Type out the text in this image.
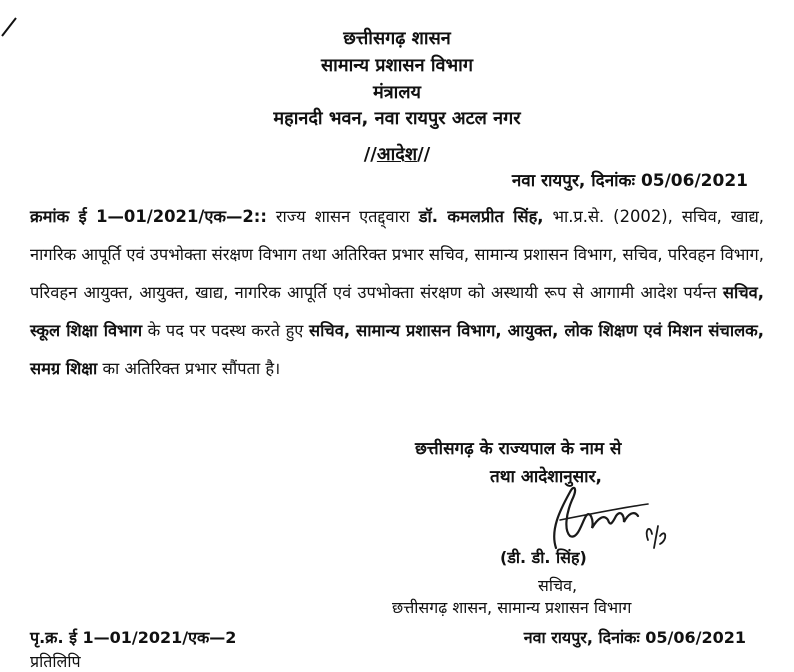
छत्तीसगढ़ शासन
सामान्य प्रशासन विभाग
मंत्रालय
महानदी भवन, नवा रायपुर अटल नगर
//आदेश//
नवा रायपुर, दिनांकः 05/06/2021
क्रमांक ई 1—01/2021/एक—2:: राज्य शासन एतद्द्वारा डॉ. कमलप्रीत सिंह, भा.प्र.से. (2002), सचिव, खाद्य, नागरिक आपूर्ति एवं उपभोक्ता संरक्षण विभाग तथा अतिरिक्त प्रभार सचिव, सामान्य प्रशासन विभाग, सचिव, परिवहन विभाग, परिवहन आयुक्त, आयुक्त, खाद्य, नागरिक आपूर्ति एवं उपभोक्ता संरक्षण को अस्थायी रूप से आगामी आदेश पर्यन्त सचिव, स्कूल शिक्षा विभाग के पद पर पदस्थ करते हुए सचिव, सामान्य प्रशासन विभाग, आयुक्त, लोक शिक्षण एवं मिशन संचालक, समग्र शिक्षा का अतिरिक्त प्रभार सौंपता है।
छत्तीसगढ़ के राज्यपाल के नाम से
तथा आदेशानुसार,
(डी. डी. सिंह)
सचिव,
छत्तीसगढ़ शासन, सामान्य प्रशासन विभाग
पृ.क्र. ई 1—01/2021/एक—2	नवा रायपुर, दिनांकः 05/06/2021
प्रतिलिपि
